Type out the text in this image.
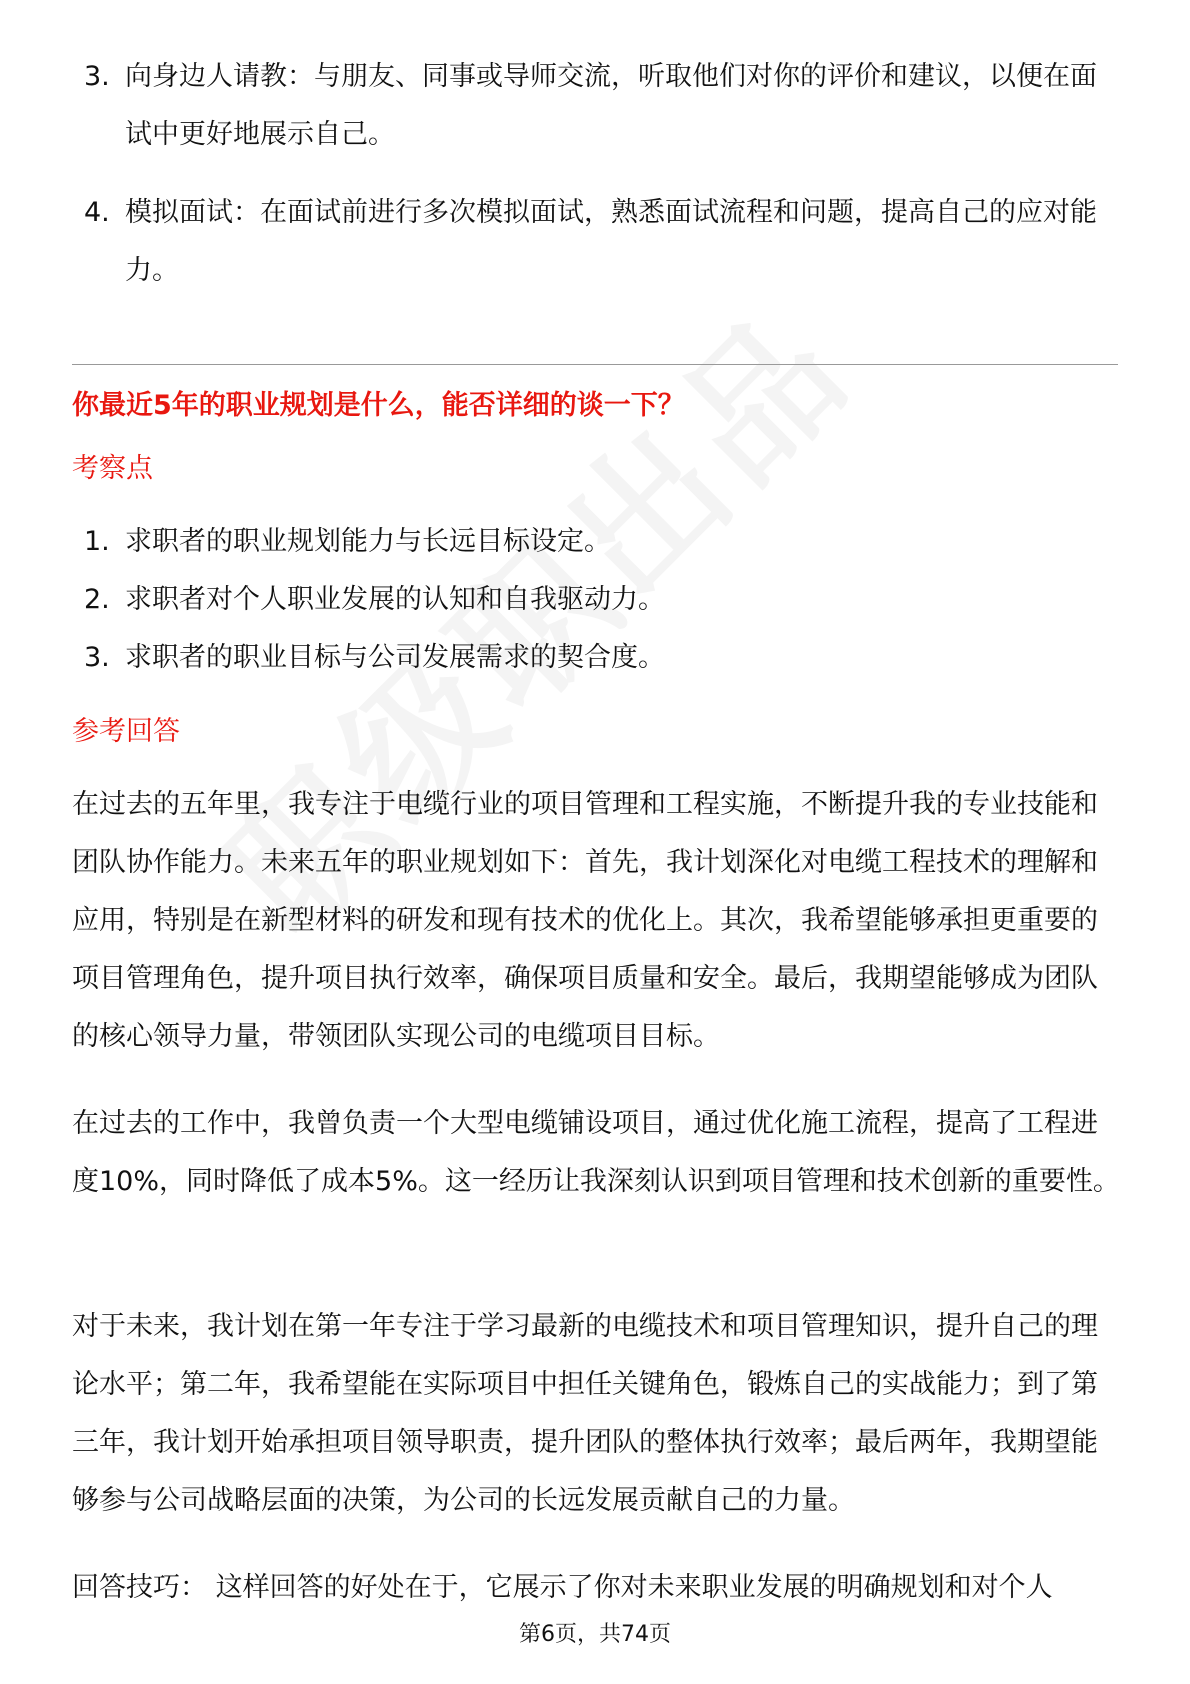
3. 向身边人请教：与朋友、同事或导师交流，听取他们对你的评价和建议，以便在面试中更好地展示自己。
4. 模拟面试：在面试前进行多次模拟面试，熟悉面试流程和问题，提高自己的应对能力。

你最近5年的职业规划是什么，能否详细的谈一下？

考察点

1. 求职者的职业规划能力与长远目标设定。
2. 求职者对个人职业发展的认知和自我驱动力。
3. 求职者的职业目标与公司发展需求的契合度。

参考回答

在过去的五年里，我专注于电缆行业的项目管理和工程实施，不断提升我的专业技能和团队协作能力。未来五年的职业规划如下：首先，我计划深化对电缆工程技术的理解和应用，特别是在新型材料的研发和现有技术的优化上。其次，我希望能够承担更重要的项目管理角色，提升项目执行效率，确保项目质量和安全。最后，我期望能够成为团队的核心领导力量，带领团队实现公司的电缆项目目标。

在过去的工作中，我曾负责一个大型电缆铺设项目，通过优化施工流程，提高了工程进度10%，同时降低了成本5%。这一经历让我深刻认识到项目管理和技术创新的重要性。

对于未来，我计划在第一年专注于学习最新的电缆技术和项目管理知识，提升自己的理论水平；第二年，我希望能在实际项目中担任关键角色，锻炼自己的实战能力；到了第三年，我计划开始承担项目领导职责，提升团队的整体执行效率；最后两年，我期望能够参与公司战略层面的决策，为公司的长远发展贡献自己的力量。

回答技巧： 这样回答的好处在于，它展示了你对未来职业发展的明确规划和对个人

第6页，共74页
